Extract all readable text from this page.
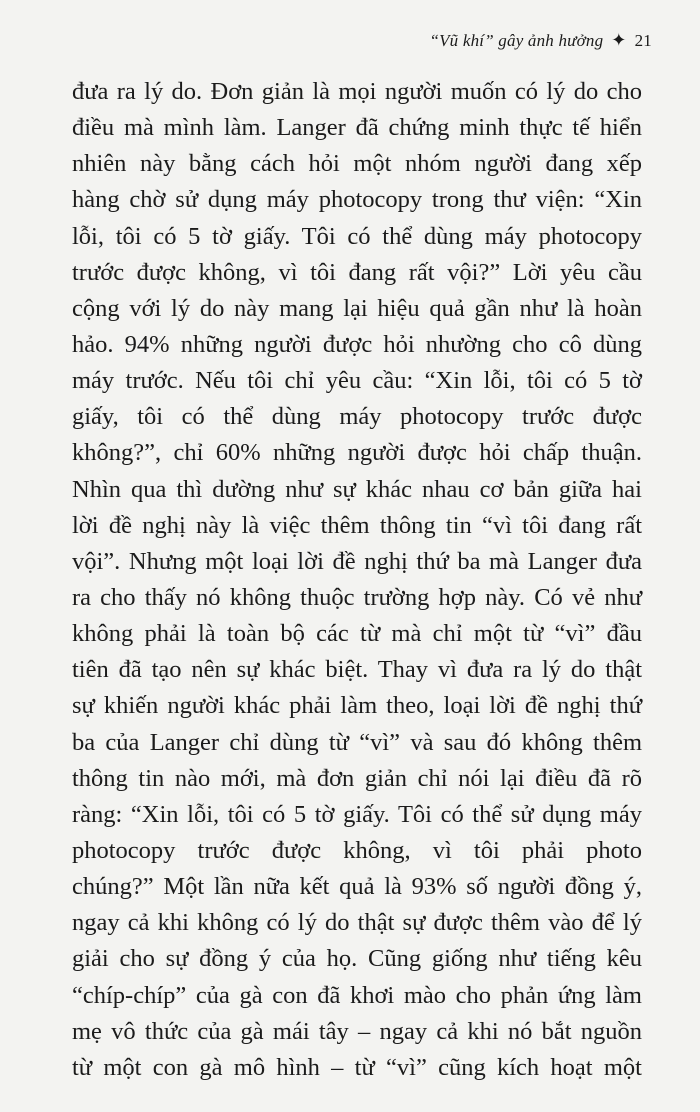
“Vũ khí” gây ảnh hưởng ✦ 21
đưa ra lý do. Đơn giản là mọi người muốn có lý do cho
điều mà mình làm. Langer đã chứng minh thực tế hiển
nhiên này bằng cách hỏi một nhóm người đang xếp
hàng chờ sử dụng máy photocopy trong thư viện: “Xin
lỗi, tôi có 5 tờ giấy. Tôi có thể dùng máy photocopy
trước được không, vì tôi đang rất vội?” Lời yêu cầu
cộng với lý do này mang lại hiệu quả gần như là hoàn
hảo. 94% những người được hỏi nhường cho cô dùng
máy trước. Nếu tôi chỉ yêu cầu: “Xin lỗi, tôi có 5 tờ
giấy, tôi có thể dùng máy photocopy trước được
không?”, chỉ 60% những người được hỏi chấp thuận.
Nhìn qua thì dường như sự khác nhau cơ bản giữa hai
lời đề nghị này là việc thêm thông tin “vì tôi đang rất
vội”. Nhưng một loại lời đề nghị thứ ba mà Langer đưa
ra cho thấy nó không thuộc trường hợp này. Có vẻ như
không phải là toàn bộ các từ mà chỉ một từ “vì” đầu
tiên đã tạo nên sự khác biệt. Thay vì đưa ra lý do thật
sự khiến người khác phải làm theo, loại lời đề nghị thứ
ba của Langer chỉ dùng từ “vì” và sau đó không thêm
thông tin nào mới, mà đơn giản chỉ nói lại điều đã rõ
ràng: “Xin lỗi, tôi có 5 tờ giấy. Tôi có thể sử dụng máy
photocopy trước được không, vì tôi phải photo
chúng?” Một lần nữa kết quả là 93% số người đồng ý,
ngay cả khi không có lý do thật sự được thêm vào để lý
giải cho sự đồng ý của họ. Cũng giống như tiếng kêu
“chíp-chíp” của gà con đã khơi mào cho phản ứng làm
mẹ vô thức của gà mái tây – ngay cả khi nó bắt nguồn
từ một con gà mô hình – từ “vì” cũng kích hoạt một
